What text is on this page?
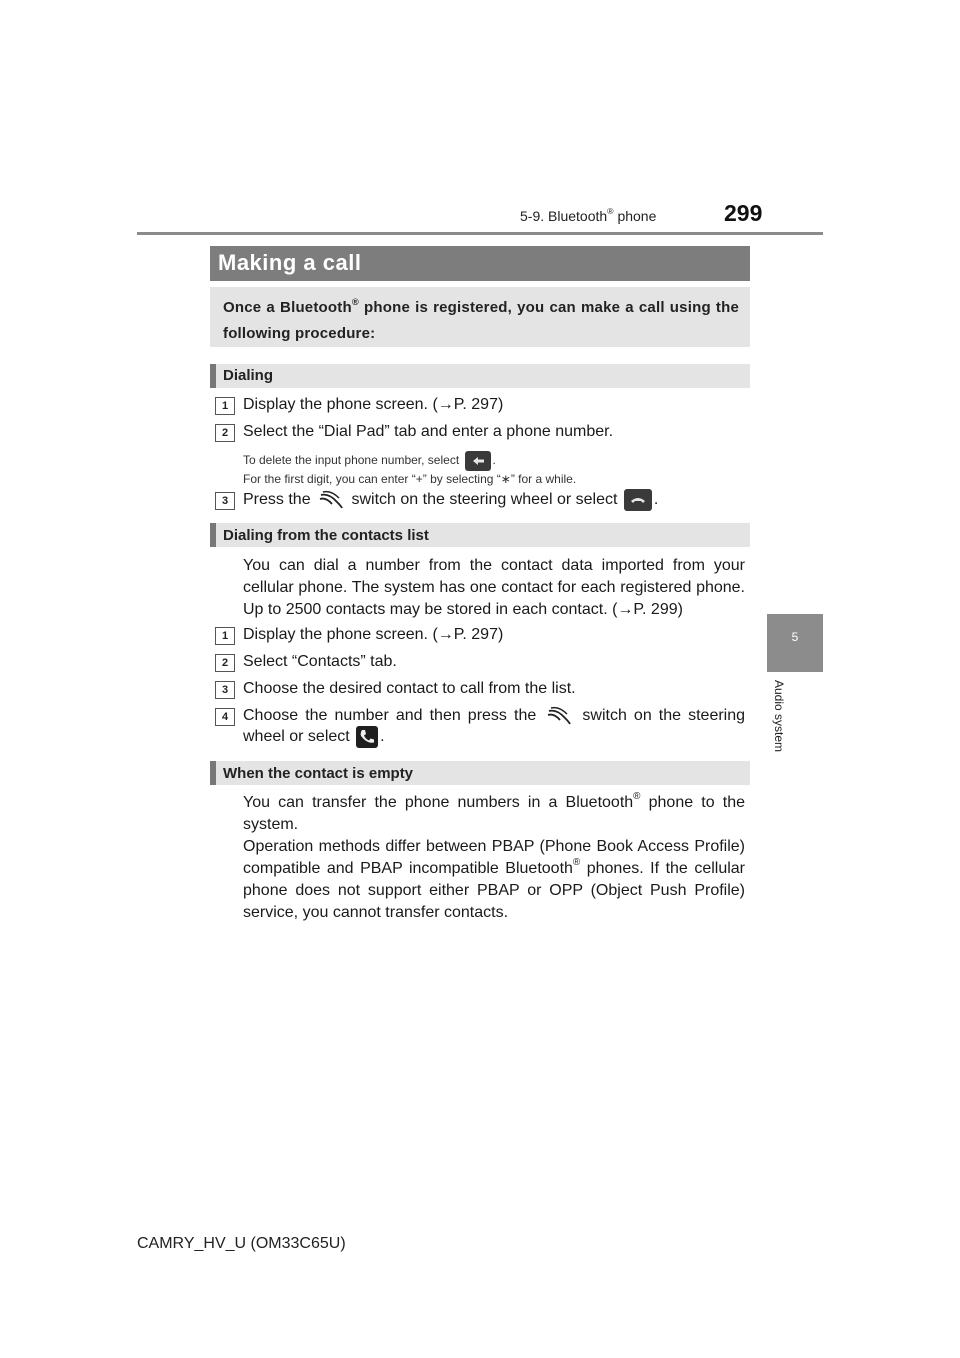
5-9. Bluetooth® phone	299
5
Audio system
Making a call
Once a Bluetooth® phone is registered, you can make a call using the following procedure:
Dialing
1 Display the phone screen. (→P. 297)
2 Select the “Dial Pad” tab and enter a phone number.
To delete the input phone number, select	.
For the first digit, you can enter “+” by selecting “∗” for a while.
3 Press the	switch on the steering wheel or select .
Dialing from the contacts list
You can dial a number from the contact data imported from your cellular phone. The system has one contact for each registered phone. Up to 2500 contacts may be stored in each contact. (→P. 299)
1 Display the phone screen. (→P. 297)
2 Select “Contacts” tab.
3 Choose the desired contact to call from the list.
4 Choose the number and then press the	switch on the steering wheel or select .
When the contact is empty
You can transfer the phone numbers in a Bluetooth® phone to the system.
Operation methods differ between PBAP (Phone Book Access Profile) compatible and PBAP incompatible Bluetooth® phones. If the cellular phone does not support either PBAP or OPP (Object Push Profile) service, you cannot transfer contacts.
CAMRY_HV_U (OM33C65U)
